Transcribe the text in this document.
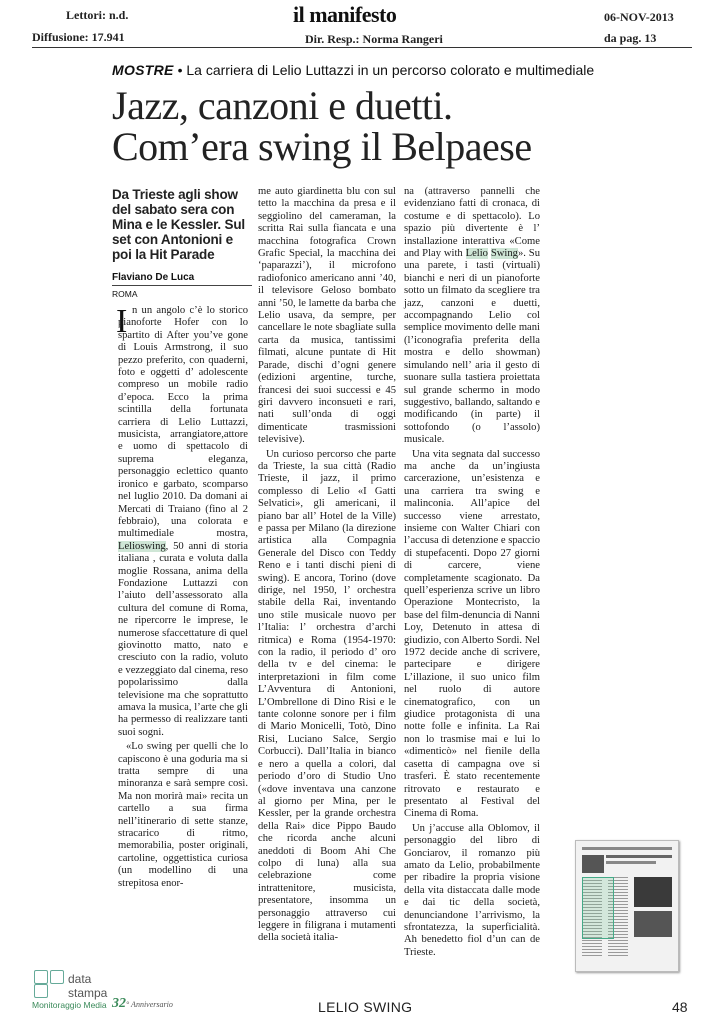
Lettori: n.d.
Diffusione: 17.941
il manifesto
Dir. Resp.: Norma Rangeri
06-NOV-2013
da pag. 13
MOSTRE • La carriera di Lelio Luttazzi in un percorso colorato e multimediale
Jazz, canzoni e duetti.
Com’era swing il Belpaese
Da Trieste agli show del sabato sera con Mina e le Kessler. Sul set con Antonioni e poi la Hit Parade
Flaviano De Luca
ROMA
I n un angolo c’è lo storico pianoforte Hofer con lo spartito di After you’ve gone di Louis Armstrong, il suo pezzo preferito, con quaderni, foto e oggetti d’ adolescente compreso un mobile radio d’epoca. Ecco la prima scintilla della fortunata carriera di Lelio Luttazzi, musicista, arrangiatore,attore e uomo di spettacolo di suprema eleganza, personaggio eclettico quanto ironico e garbato, scomparso nel luglio 2010. Da domani ai Mercati di Traiano (fino al 2 febbraio), una colorata e multimediale mostra, Lelioswing, 50 anni di storia italiana , curata e voluta dalla moglie Rossana, anima della Fondazione Luttazzi con l’aiuto dell’assessorato alla cultura del comune di Roma, ne ripercorre le imprese, le numerose sfaccettature di quel giovinotto matto, nato e cresciuto con la radio, voluto e vezzeggiato dal cinema, reso popolarissimo dalla televisione ma che soprattutto amava la musica, l’arte che gli ha permesso di realizzare tanti suoi sogni.

«Lo swing per quelli che lo capiscono è una goduria ma si tratta sempre di una minoranza e sarà sempre così. Ma non morirà mai» recita un cartello a sua firma nell’itinerario di sette stanze, stracarico di ritmo, memorabilia, poster originali, cartoline, oggettistica curiosa (un modellino di una strepitosa enor-

me auto giardinetta blu con sul tetto la macchina da presa e il seggiolino del cameraman, la scritta Rai sulla fiancata e una macchina fotografica Crown Grafic Special, la macchina dei ‘paparazzi’), il microfono radiofonico americano anni ’40, il televisore Geloso bombato anni ’50, le lamette da barba che Lelio usava, da sempre, per cancellare le note sbagliate sulla carta da musica, tantissimi filmati, alcune puntate di Hit Parade, dischi d’ogni genere (edizioni argentine, turche, francesi dei suoi successi e 45 giri davvero inconsueti e rari, nati sull’onda di oggi dimenticate trasmissioni televisive).

Un curioso percorso che parte da Trieste, la sua città (Radio Trieste, il jazz, il primo complesso di Lelio «I Gatti Selvatici», gli americani, il piano bar all’ Hotel de la Ville) e passa per Milano (la direzione artistica alla Compagnia Generale del Disco con Teddy Reno e i tanti dischi pieni di swing). E ancora, Torino (dove dirige, nel 1950, l’ orchestra stabile della Rai, inventando uno stile musicale nuovo per l’Italia: l’ orchestra d’archi ritmica) e Roma (1954-1970: con la radio, il periodo d’ oro della tv e del cinema: le interpretazioni in film come L’Avventura di Antonioni, L’Ombrellone di Dino Risi e le tante colonne sonore per i film di Mario Monicelli, Totò, Dino Risi, Luciano Salce, Sergio Corbucci). Dall’Italia in bianco e nero a quella a colori, dal periodo d’oro di Studio Uno («dove inventava una canzone al giorno per Mina, per le Kessler, per la grande orchestra della Rai» dice Pippo Baudo che ricorda anche alcuni aneddoti di Boom Ahi Che colpo di luna) alla sua celebrazione come intrattenitore, musicista, presentatore, insomma un personaggio attraverso cui leggere in filigrana i mutamenti della società italia-

na (attraverso pannelli che evidenziano fatti di cronaca, di costume e di spettacolo). Lo spazio più divertente è l’ installazione interattiva «Come and Play with Lelio Swing». Su una parete, i tasti (virtuali) bianchi e neri di un pianoforte sotto un filmato da scegliere tra jazz, canzoni e duetti, accompagnando Lelio col semplice movimento delle mani (l’iconografia preferita della mostra e dello showman) simulando nell’ aria il gesto di suonare sulla tastiera proiettata sul grande schermo in modo suggestivo, ballando, saltando e modificando (in parte) il sottofondo (o l’assolo) musicale.

Una vita segnata dal successo ma anche da un’ingiusta carcerazione, un’esistenza e una carriera tra swing e malinconia. All’apice del successo viene arrestato, insieme con Walter Chiari con l’accusa di detenzione e spaccio di stupefacenti. Dopo 27 giorni di carcere, viene completamente scagionato. Da quell’esperienza scrive un libro Operazione Montecristo, la base del film-denuncia di Nanni Loy, Detenuto in attesa di giudizio, con Alberto Sordi. Nel 1972 decide anche di scrivere, partecipare e dirigere L’illazione, il suo unico film nel ruolo di autore cinematografico, con un giudice protagonista di una notte folle e infinita. La Rai non lo trasmise mai e lui lo «dimenticò» nel fienile della casetta di campagna ove si trasferì. È stato recentemente ritrovato e restaurato e presentato al Festival del Cinema di Roma.

Un j’accuse alla Oblomov, il personaggio del libro di Gonciarov, il romanzo più amato da Lelio, probabilmente per ribadire la propria visione della vita distaccata dalle mode e dai tic della società, denunciandone l’arrivismo, la sfrontatezza, la superficialità. Ah benedetto fiol d’un can de Trieste.

data
stampa
Monitoraggio Media 32° Anniversario	LELIO SWING	48
